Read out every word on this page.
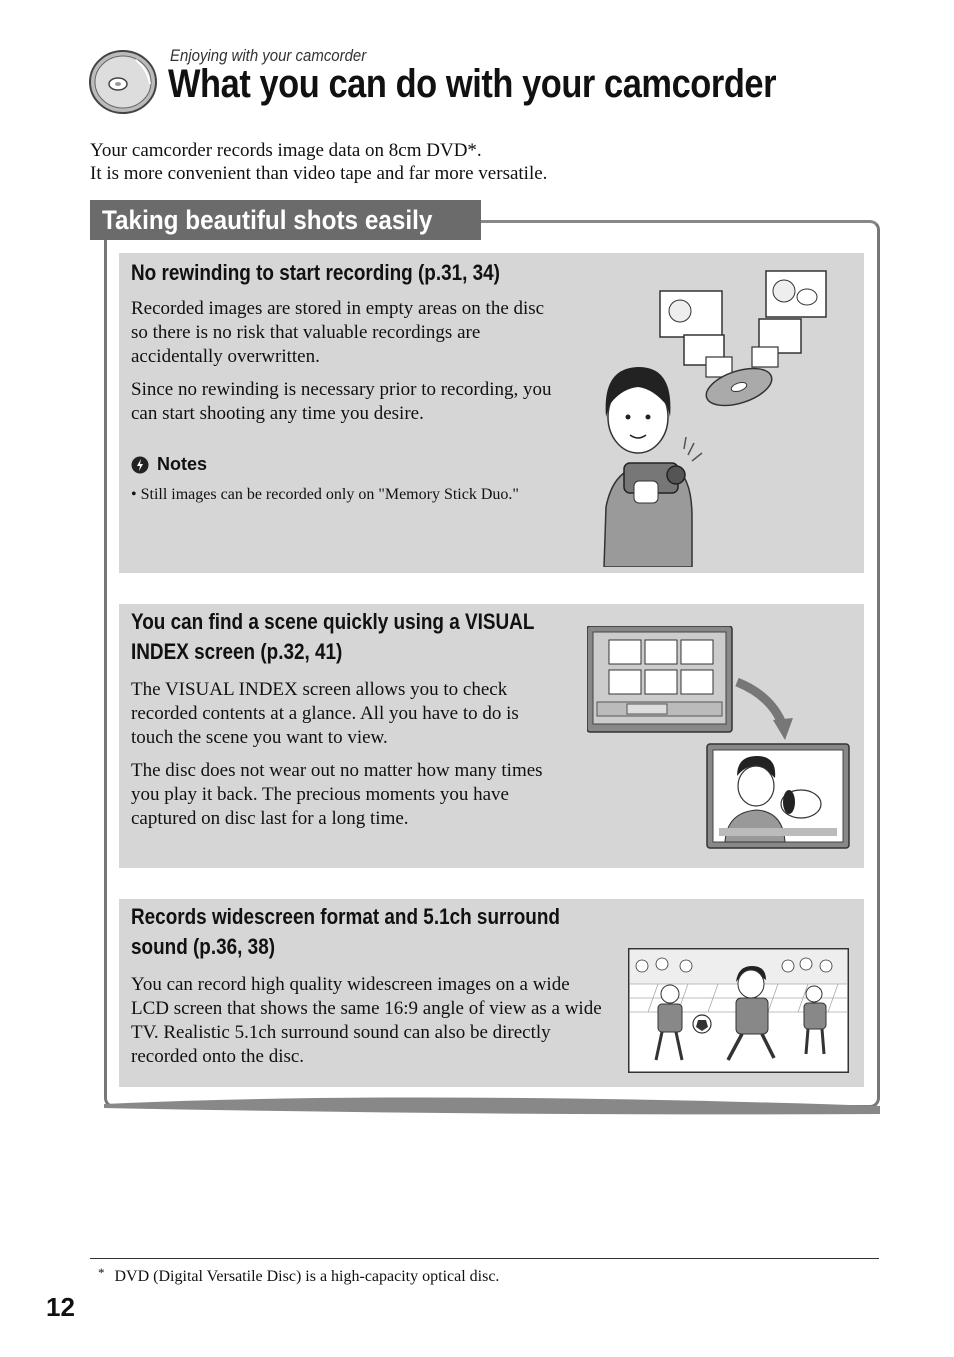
Enjoying with your camcorder
What you can do with your camcorder
Your camcorder records image data on 8cm DVD*.
It is more convenient than video tape and far more versatile.
Taking beautiful shots easily
No rewinding to start recording (p.31, 34)

Recorded images are stored in empty areas on the disc so there is no risk that valuable recordings are accidentally overwritten.

Since no rewinding is necessary prior to recording, you can start shooting any time you desire.

Notes
• Still images can be recorded only on "Memory Stick Duo."
You can find a scene quickly using a VISUAL
INDEX screen (p.32, 41)

The VISUAL INDEX screen allows you to check recorded contents at a glance. All you have to do is touch the scene you want to view.

The disc does not wear out no matter how many times you play it back. The precious moments you have captured on disc last for a long time.

Records widescreen format and 5.1ch surround
sound (p.36, 38)

You can record high quality widescreen images on a wide LCD screen that shows the same 16:9 angle of view as a wide TV. Realistic 5.1ch surround sound can also be directly recorded onto the disc.

* DVD (Digital Versatile Disc) is a high-capacity optical disc.
12
